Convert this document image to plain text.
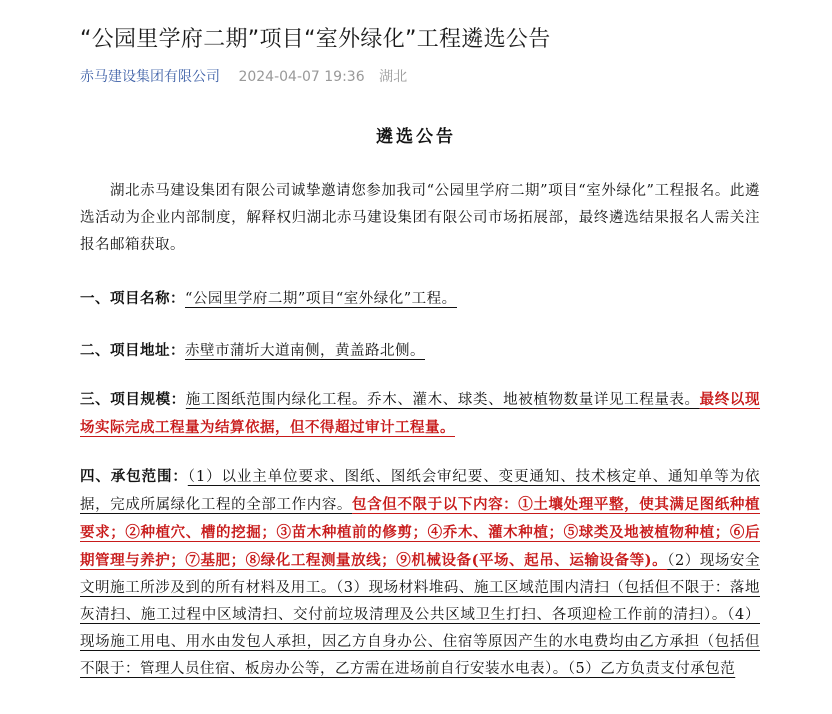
“公园里学府二期”项目“室外绿化”工程遴选公告
赤马建设集团有限公司 2024-04-07 19:36 湖北
遴选公告
湖北赤马建设集团有限公司诚挚邀请您参加我司“公园里学府二期”项目“室外绿化”工程报名。此遴选活动为企业内部制度，解释权归湖北赤马建设集团有限公司市场拓展部，最终遴选结果报名人需关注报名邮箱获取。
一、项目名称：“公园里学府二期”项目“室外绿化”工程。
二、项目地址：赤壁市蒲圻大道南侧，黄盖路北侧。
三、项目规模：施工图纸范围内绿化工程。乔木、灌木、球类、地被植物数量详见工程量表。最终以现场实际完成工程量为结算依据，但不得超过审计工程量。
四、承包范围：（1）以业主单位要求、图纸、图纸会审纪要、变更通知、技术核定单、通知单等为依据，完成所属绿化工程的全部工作内容。包含但不限于以下内容：①土壤处理平整，使其满足图纸种植要求；②种植穴、槽的挖掘；③苗木种植前的修剪；④乔木、灌木种植；⑤球类及地被植物种植；⑥后期管理与养护；⑦基肥；⑧绿化工程测量放线；⑨机械设备(平场、起吊、运输设备等)。（2）现场安全文明施工所涉及到的所有材料及用工。（3）现场材料堆码、施工区域范围内清扫（包括但不限于：落地灰清扫、施工过程中区域清扫、交付前垃圾清理及公共区域卫生打扫、各项迎检工作前的清扫）。（4）现场施工用电、用水由发包人承担，因乙方自身办公、住宿等原因产生的水电费均由乙方承担（包括但不限于：管理人员住宿、板房办公等，乙方需在进场前自行安装水电表）。（5）乙方负责支付承包范
